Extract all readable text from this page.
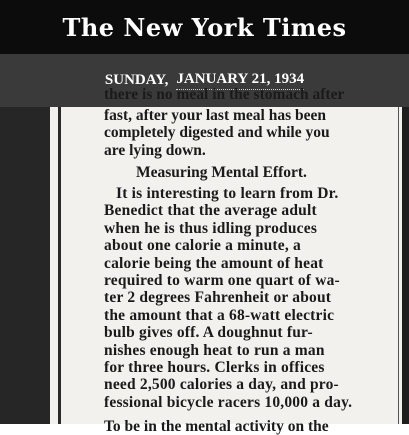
The New York Times
SUNDAY, JANUARY 21, 1934
there is no meal in the stomach after
fast, after your last meal has been
completely digested and while you
are lying down.
Measuring Mental Effort.
It is interesting to learn from Dr.
Benedict that the average adult
when he is thus idling produces
about one calorie a minute, a
calorie being the amount of heat
required to warm one quart of wa-
ter 2 degrees Fahrenheit or about
the amount that a 68-watt electric
bulb gives off. A doughnut fur-
nishes enough heat to run a man
for three hours. Clerks in offices
need 2,500 calories a day, and pro-
fessional bicycle racers 10,000 a day.
To be in the mental activity on the
